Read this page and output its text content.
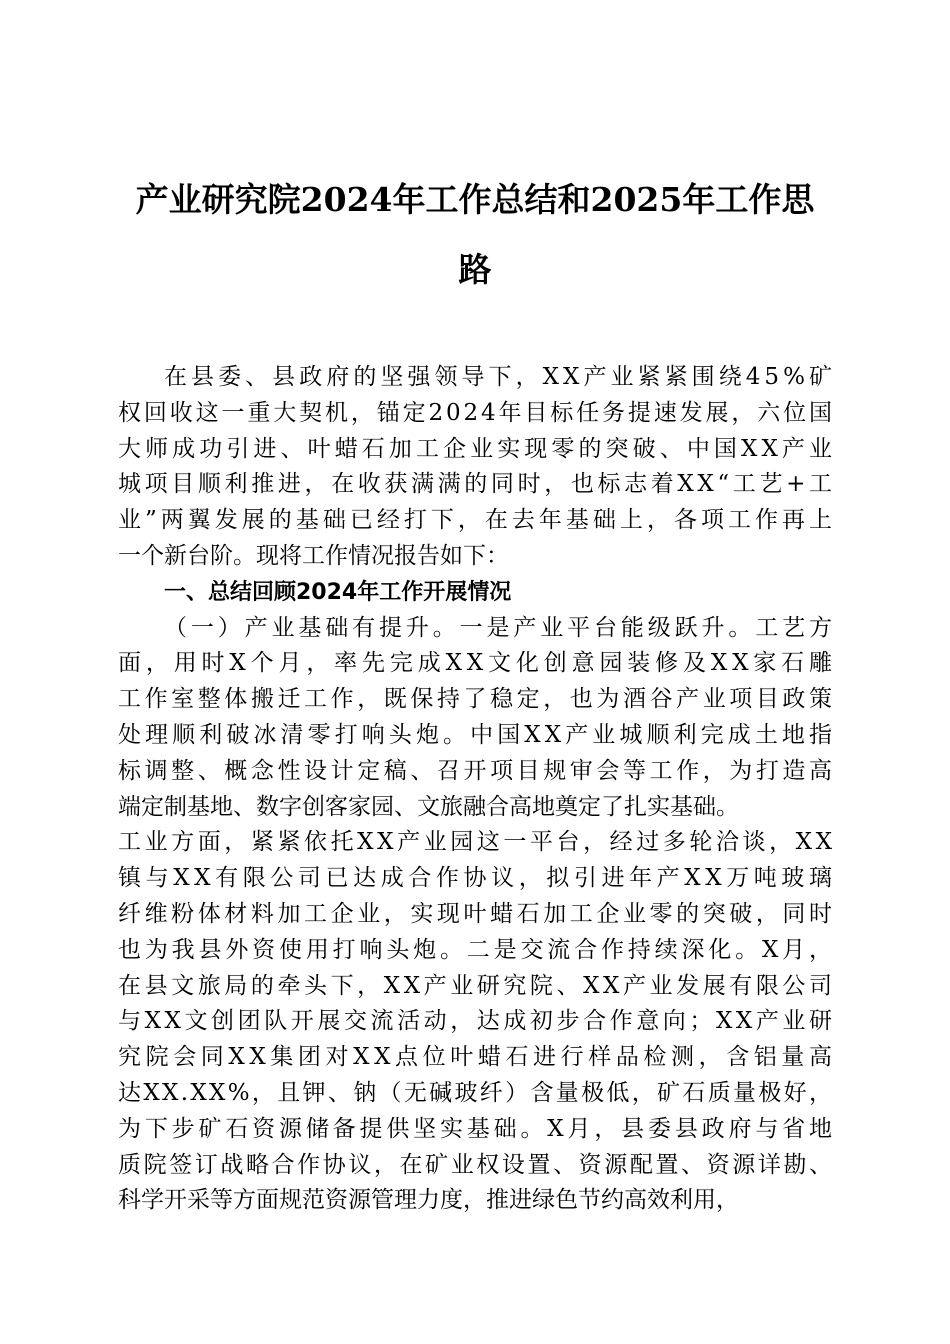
产业研究院2024年工作总结和2025年工作思
路
在县委、县政府的坚强领导下，XX产业紧紧围绕45%矿
权回收这一重大契机，锚定2024年目标任务提速发展，六位国
大师成功引进、叶蜡石加工企业实现零的突破、中国XX产业
城项目顺利推进，在收获满满的同时，也标志着XX“工艺+工
业”两翼发展的基础已经打下，在去年基础上，各项工作再上
一个新台阶。现将工作情况报告如下：
一、总结回顾2024年工作开展情况
（一）产业基础有提升。一是产业平台能级跃升。工艺方
面，用时X个月，率先完成XX文化创意园装修及XX家石雕
工作室整体搬迁工作，既保持了稳定，也为酒谷产业项目政策
处理顺利破冰清零打响头炮。中国XX产业城顺利完成土地指
标调整、概念性设计定稿、召开项目规审会等工作，为打造高
端定制基地、数字创客家园、文旅融合高地奠定了扎实基础。
工业方面，紧紧依托XX产业园这一平台，经过多轮洽谈，XX
镇与XX有限公司已达成合作协议，拟引进年产XX万吨玻璃
纤维粉体材料加工企业，实现叶蜡石加工企业零的突破，同时
也为我县外资使用打响头炮。二是交流合作持续深化。X月，
在县文旅局的牵头下，XX产业研究院、XX产业发展有限公司
与XX文创团队开展交流活动，达成初步合作意向；XX产业研
究院会同XX集团对XX点位叶蜡石进行样品检测，含铝量高
达XX.XX%，且钾、钠（无碱玻纤）含量极低，矿石质量极好，
为下步矿石资源储备提供坚实基础。X月，县委县政府与省地
质院签订战略合作协议，在矿业权设置、资源配置、资源详勘、
科学开采等方面规范资源管理力度，推进绿色节约高效利用，
